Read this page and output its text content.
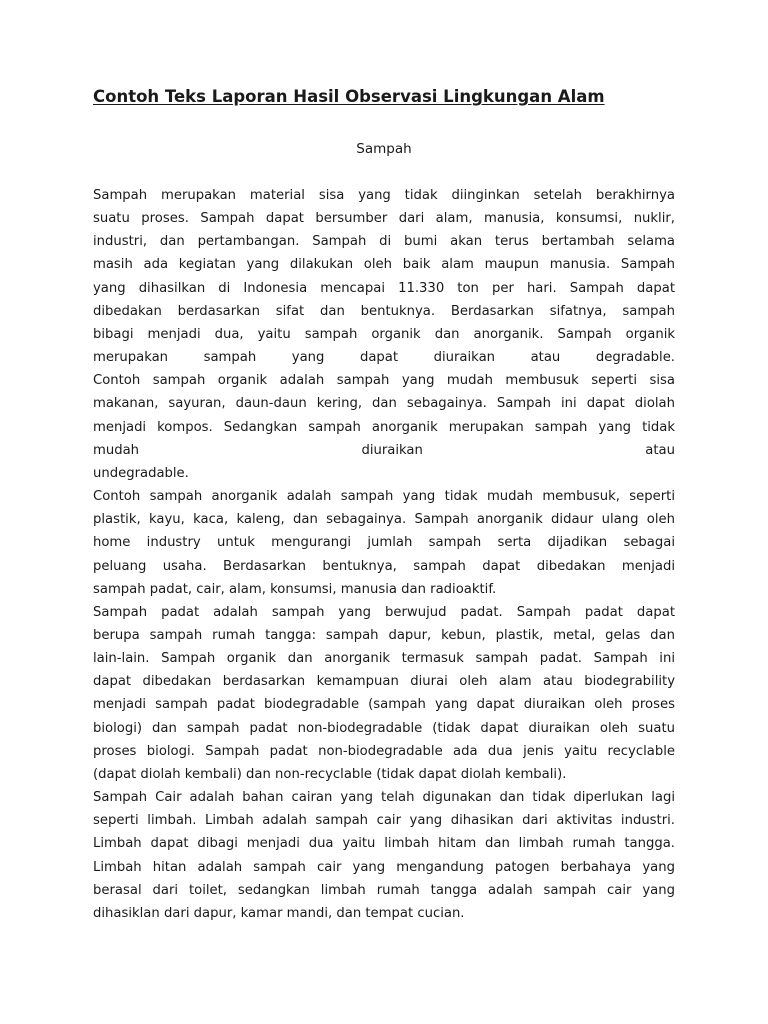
Contoh Teks Laporan Hasil Observasi Lingkungan Alam
Sampah

Sampah merupakan material sisa yang tidak diinginkan setelah berakhirnya
suatu proses. Sampah dapat bersumber dari alam, manusia, konsumsi, nuklir,
industri, dan pertambangan. Sampah di bumi akan terus bertambah selama
masih ada kegiatan yang dilakukan oleh baik alam maupun manusia. Sampah
yang dihasilkan di Indonesia mencapai 11.330 ton per hari. Sampah dapat
dibedakan berdasarkan sifat dan bentuknya. Berdasarkan sifatnya, sampah
bibagi menjadi dua, yaitu sampah organik dan anorganik. Sampah organik
merupakan sampah yang dapat diuraikan atau degradable.
Contoh sampah organik adalah sampah yang mudah membusuk seperti sisa
makanan, sayuran, daun-daun kering, dan sebagainya. Sampah ini dapat diolah
menjadi kompos. Sedangkan sampah anorganik merupakan sampah yang tidak
mudah diuraikan atau
undegradable.

Contoh sampah anorganik adalah sampah yang tidak mudah membusuk, seperti
plastik, kayu, kaca, kaleng, dan sebagainya. Sampah anorganik didaur ulang oleh
home industry untuk mengurangi jumlah sampah serta dijadikan sebagai
peluang usaha. Berdasarkan bentuknya, sampah dapat dibedakan menjadi
sampah padat, cair, alam, konsumsi, manusia dan radioaktif.

Sampah padat adalah sampah yang berwujud padat. Sampah padat dapat
berupa sampah rumah tangga: sampah dapur, kebun, plastik, metal, gelas dan
lain-lain. Sampah organik dan anorganik termasuk sampah padat. Sampah ini
dapat dibedakan berdasarkan kemampuan diurai oleh alam atau biodegrability
menjadi sampah padat biodegradable (sampah yang dapat diuraikan oleh proses
biologi) dan sampah padat non-biodegradable (tidak dapat diuraikan oleh suatu
proses biologi. Sampah padat non-biodegradable ada dua jenis yaitu recyclable
(dapat diolah kembali) dan non-recyclable (tidak dapat diolah kembali).

Sampah Cair adalah bahan cairan yang telah digunakan dan tidak diperlukan lagi
seperti limbah. Limbah adalah sampah cair yang dihasikan dari aktivitas industri.
Limbah dapat dibagi menjadi dua yaitu limbah hitam dan limbah rumah tangga.
Limbah hitan adalah sampah cair yang mengandung patogen berbahaya yang
berasal dari toilet, sedangkan limbah rumah tangga adalah sampah cair yang
dihasiklan dari dapur, kamar mandi, dan tempat cucian.
